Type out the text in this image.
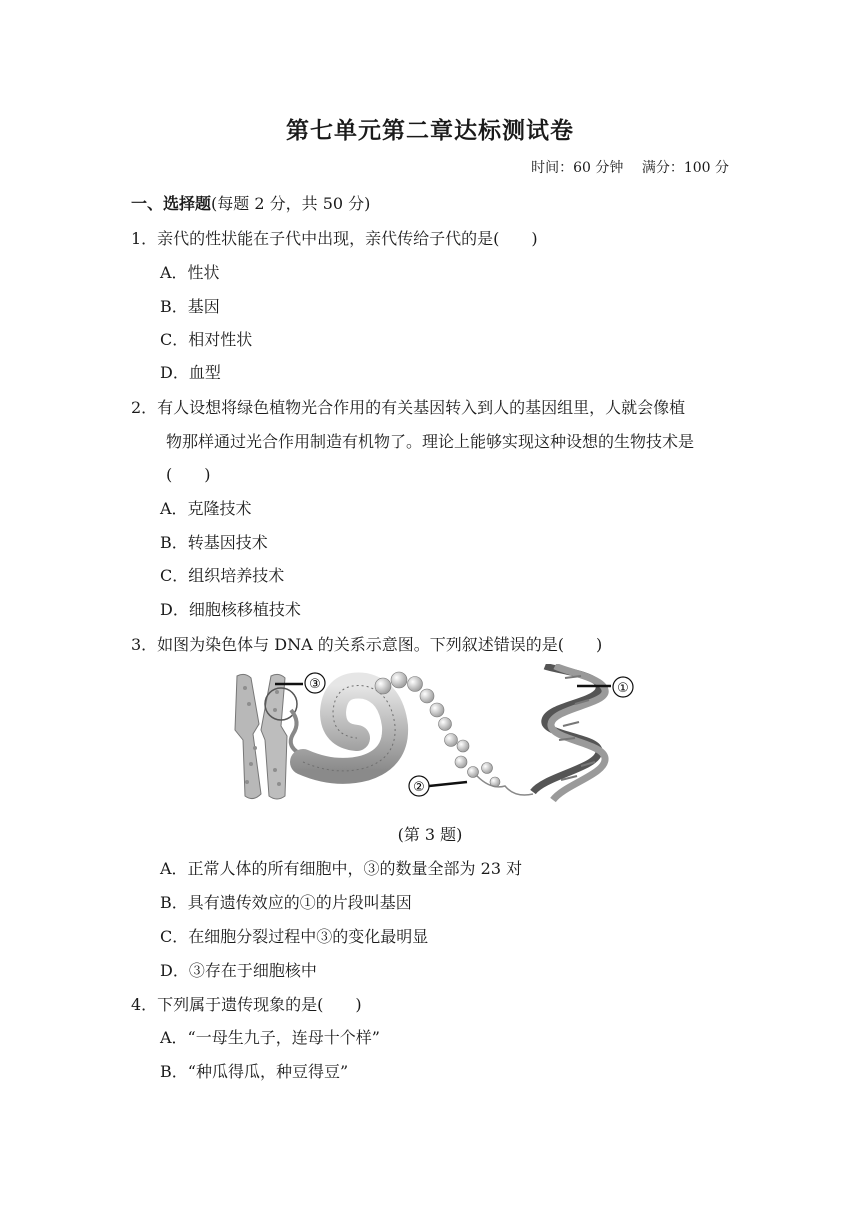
第七单元第二章达标测试卷
时间：60 分钟 满分：100 分
一、选择题(每题 2 分，共 50 分)
1．亲代的性状能在子代中出现，亲代传给子代的是(　　)
A．性状
B．基因
C．相对性状
D．血型
2．有人设想将绿色植物光合作用的有关基因转入到人的基因组里，人就会像植
物那样通过光合作用制造有机物了。理论上能够实现这种设想的生物技术是
(　　)
A．克隆技术
B．转基因技术
C．组织培养技术
D．细胞核移植技术
3．如图为染色体与 DNA 的关系示意图。下列叙述错误的是(　　)
③
②
①
(第 3 题)
A．正常人体的所有细胞中，③的数量全部为 23 对
B．具有遗传效应的①的片段叫基因
C．在细胞分裂过程中③的变化最明显
D．③存在于细胞核中
4．下列属于遗传现象的是(　　)
A．“一母生九子，连母十个样”
B．“种瓜得瓜，种豆得豆”
